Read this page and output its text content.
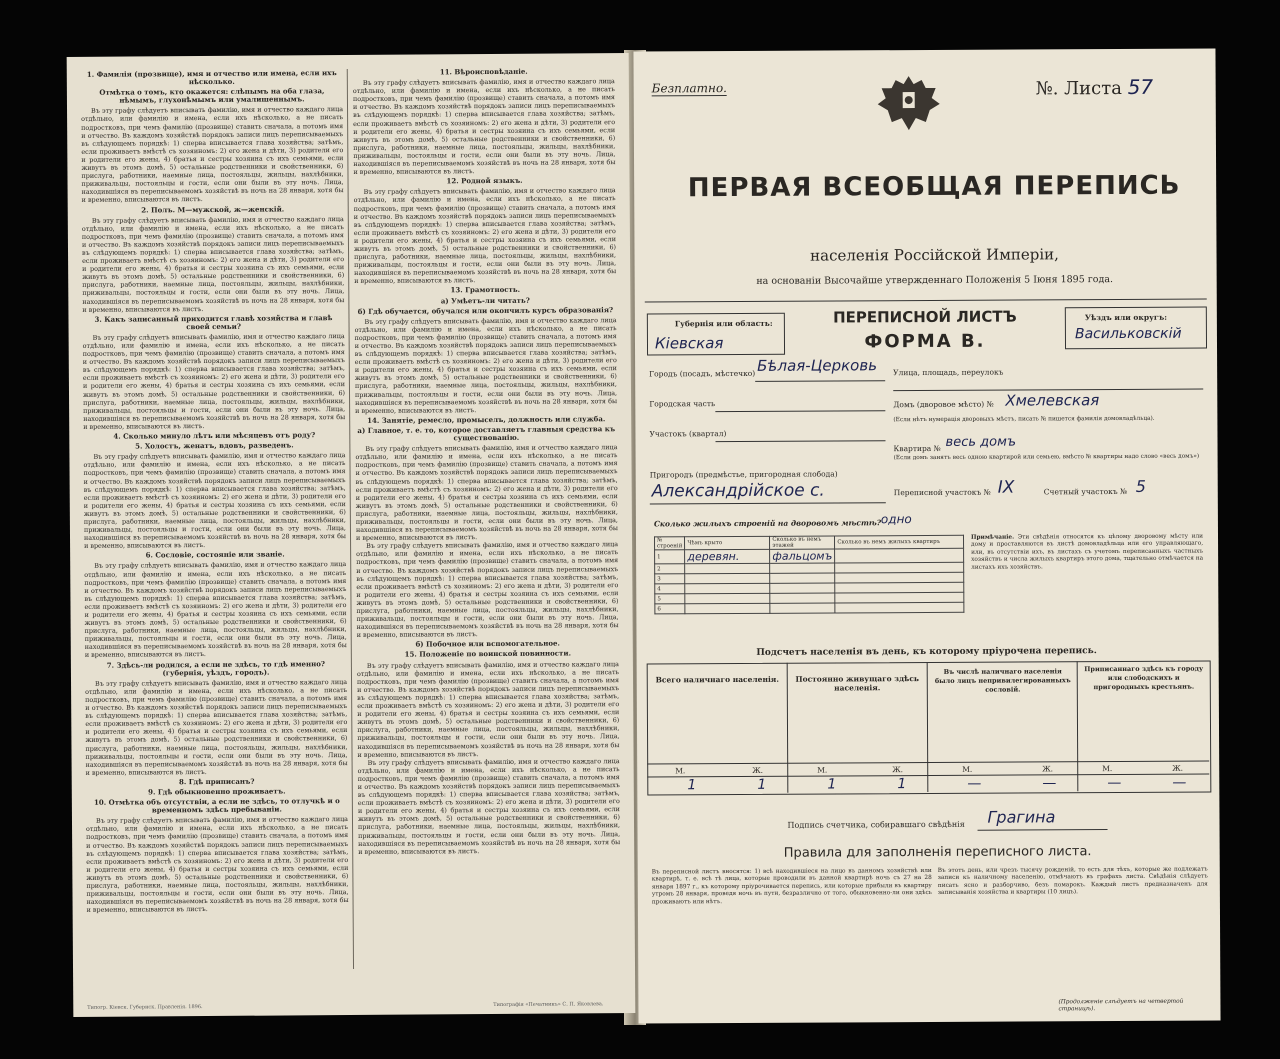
1. Фамилія (прозвище), имя и отчество или имена, если ихъ нѣсколько.
Отмѣтка о томъ, кто окажется: слѣпымъ на оба глаза, нѣмымъ, глухонѣмымъ или умалишеннымъ.

Въ эту графу слѣдуетъ вписывать фамилію, имя и отчество каждаго лица отдѣльно, или фамилію и имена, если ихъ нѣсколько, а не писать подростковъ, при чемъ фамилію (прозвище) ставить сначала, а потомъ имя и отчество. Въ каждомъ хозяйствѣ порядокъ записи лицъ переписываемыхъ въ слѣдующемъ порядкѣ: 1) сперва вписывается глава хозяйства; затѣмъ, если проживаетъ вмѣстѣ съ хозяиномъ: 2) его жена и дѣти, 3) родители его и родители его жены, 4) братья и сестры хозяина съ ихъ семьями, если живутъ въ этомъ домѣ, 5) остальные родственники и свойственники, 6) прислуга, работники, наемные лица, постояльцы, жильцы, нахлѣбники, приживальцы, постояльцы и гости, если они были въ эту ночь. Лица, находившіяся въ переписываемомъ хозяйствѣ въ ночь на 28 января, хотя бы и временно, вписываются въ листъ.

2. Полъ. М—мужской, ж—женскій.

Въ эту графу слѣдуетъ вписывать фамилію, имя и отчество каждаго лица отдѣльно, или фамилію и имена, если ихъ нѣсколько, а не писать подростковъ, при чемъ фамилію (прозвище) ставить сначала, а потомъ имя и отчество. Въ каждомъ хозяйствѣ порядокъ записи лицъ переписываемыхъ въ слѣдующемъ порядкѣ: 1) сперва вписывается глава хозяйства; затѣмъ, если проживаетъ вмѣстѣ съ хозяиномъ: 2) его жена и дѣти, 3) родители его и родители его жены, 4) братья и сестры хозяина съ ихъ семьями, если живутъ въ этомъ домѣ, 5) остальные родственники и свойственники, 6) прислуга, работники, наемные лица, постояльцы, жильцы, нахлѣбники, приживальцы, постояльцы и гости, если они были въ эту ночь. Лица, находившіяся въ переписываемомъ хозяйствѣ въ ночь на 28 января, хотя бы и временно, вписываются въ листъ.

3. Какъ записанный приходится главѣ хозяйства и главѣ своей семьи?

Въ эту графу слѣдуетъ вписывать фамилію, имя и отчество каждаго лица отдѣльно, или фамилію и имена, если ихъ нѣсколько, а не писать подростковъ, при чемъ фамилію (прозвище) ставить сначала, а потомъ имя и отчество. Въ каждомъ хозяйствѣ порядокъ записи лицъ переписываемыхъ въ слѣдующемъ порядкѣ: 1) сперва вписывается глава хозяйства; затѣмъ, если проживаетъ вмѣстѣ съ хозяиномъ: 2) его жена и дѣти, 3) родители его и родители его жены, 4) братья и сестры хозяина съ ихъ семьями, если живутъ въ этомъ домѣ, 5) остальные родственники и свойственники, 6) прислуга, работники, наемные лица, постояльцы, жильцы, нахлѣбники, приживальцы, постояльцы и гости, если они были въ эту ночь. Лица, находившіяся въ переписываемомъ хозяйствѣ въ ночь на 28 января, хотя бы и временно, вписываются въ листъ.

4. Сколько минуло лѣтъ или мѣсяцевъ отъ роду?
5. Холостъ, женатъ, вдовъ, разведенъ.

Въ эту графу слѣдуетъ вписывать фамилію, имя и отчество каждаго лица отдѣльно, или фамилію и имена, если ихъ нѣсколько, а не писать подростковъ, при чемъ фамилію (прозвище) ставить сначала, а потомъ имя и отчество. Въ каждомъ хозяйствѣ порядокъ записи лицъ переписываемыхъ въ слѣдующемъ порядкѣ: 1) сперва вписывается глава хозяйства; затѣмъ, если проживаетъ вмѣстѣ съ хозяиномъ: 2) его жена и дѣти, 3) родители его и родители его жены, 4) братья и сестры хозяина съ ихъ семьями, если живутъ въ этомъ домѣ, 5) остальные родственники и свойственники, 6) прислуга, работники, наемные лица, постояльцы, жильцы, нахлѣбники, приживальцы, постояльцы и гости, если они были въ эту ночь. Лица, находившіяся въ переписываемомъ хозяйствѣ въ ночь на 28 января, хотя бы и временно, вписываются въ листъ.

6. Сословіе, состояніе или званіе.

Въ эту графу слѣдуетъ вписывать фамилію, имя и отчество каждаго лица отдѣльно, или фамилію и имена, если ихъ нѣсколько, а не писать подростковъ, при чемъ фамилію (прозвище) ставить сначала, а потомъ имя и отчество. Въ каждомъ хозяйствѣ порядокъ записи лицъ переписываемыхъ въ слѣдующемъ порядкѣ: 1) сперва вписывается глава хозяйства; затѣмъ, если проживаетъ вмѣстѣ съ хозяиномъ: 2) его жена и дѣти, 3) родители его и родители его жены, 4) братья и сестры хозяина съ ихъ семьями, если живутъ въ этомъ домѣ, 5) остальные родственники и свойственники, 6) прислуга, работники, наемные лица, постояльцы, жильцы, нахлѣбники, приживальцы, постояльцы и гости, если они были въ эту ночь. Лица, находившіяся въ переписываемомъ хозяйствѣ въ ночь на 28 января, хотя бы и временно, вписываются въ листъ.

7. Здѣсь-ли родился, а если не здѣсь, то гдѣ именно? (губернія, уѣздъ, городъ).

Въ эту графу слѣдуетъ вписывать фамилію, имя и отчество каждаго лица отдѣльно, или фамилію и имена, если ихъ нѣсколько, а не писать подростковъ, при чемъ фамилію (прозвище) ставить сначала, а потомъ имя и отчество. Въ каждомъ хозяйствѣ порядокъ записи лицъ переписываемыхъ въ слѣдующемъ порядкѣ: 1) сперва вписывается глава хозяйства; затѣмъ, если проживаетъ вмѣстѣ съ хозяиномъ: 2) его жена и дѣти, 3) родители его и родители его жены, 4) братья и сестры хозяина съ ихъ семьями, если живутъ въ этомъ домѣ, 5) остальные родственники и свойственники, 6) прислуга, работники, наемные лица, постояльцы, жильцы, нахлѣбники, приживальцы, постояльцы и гости, если они были въ эту ночь. Лица, находившіяся въ переписываемомъ хозяйствѣ въ ночь на 28 января, хотя бы и временно, вписываются въ листъ.

8. Гдѣ приписанъ?
9. Гдѣ обыкновенно проживаетъ.
10. Отмѣтка объ отсутствіи, а если не здѣсь, то отлучкѣ и о временномъ здѣсь пребываніи.

Въ эту графу слѣдуетъ вписывать фамилію, имя и отчество каждаго лица отдѣльно, или фамилію и имена, если ихъ нѣсколько, а не писать подростковъ, при чемъ фамилію (прозвище) ставить сначала, а потомъ имя и отчество. Въ каждомъ хозяйствѣ порядокъ записи лицъ переписываемыхъ въ слѣдующемъ порядкѣ: 1) сперва вписывается глава хозяйства; затѣмъ, если проживаетъ вмѣстѣ съ хозяиномъ: 2) его жена и дѣти, 3) родители его и родители его жены, 4) братья и сестры хозяина съ ихъ семьями, если живутъ въ этомъ домѣ, 5) остальные родственники и свойственники, 6) прислуга, работники, наемные лица, постояльцы, жильцы, нахлѣбники, приживальцы, постояльцы и гости, если они были въ эту ночь. Лица, находившіяся въ переписываемомъ хозяйствѣ въ ночь на 28 января, хотя бы и временно, вписываются въ листъ.

11. Вѣроисповѣданіе.

Въ эту графу слѣдуетъ вписывать фамилію, имя и отчество каждаго лица отдѣльно, или фамилію и имена, если ихъ нѣсколько, а не писать подростковъ, при чемъ фамилію (прозвище) ставить сначала, а потомъ имя и отчество. Въ каждомъ хозяйствѣ порядокъ записи лицъ переписываемыхъ въ слѣдующемъ порядкѣ: 1) сперва вписывается глава хозяйства; затѣмъ, если проживаетъ вмѣстѣ съ хозяиномъ: 2) его жена и дѣти, 3) родители его и родители его жены, 4) братья и сестры хозяина съ ихъ семьями, если живутъ въ этомъ домѣ, 5) остальные родственники и свойственники, 6) прислуга, работники, наемные лица, постояльцы, жильцы, нахлѣбники, приживальцы, постояльцы и гости, если они были въ эту ночь. Лица, находившіяся въ переписываемомъ хозяйствѣ въ ночь на 28 января, хотя бы и временно, вписываются въ листъ.

12. Родной языкъ.

Въ эту графу слѣдуетъ вписывать фамилію, имя и отчество каждаго лица отдѣльно, или фамилію и имена, если ихъ нѣсколько, а не писать подростковъ, при чемъ фамилію (прозвище) ставить сначала, а потомъ имя и отчество. Въ каждомъ хозяйствѣ порядокъ записи лицъ переписываемыхъ въ слѣдующемъ порядкѣ: 1) сперва вписывается глава хозяйства; затѣмъ, если проживаетъ вмѣстѣ съ хозяиномъ: 2) его жена и дѣти, 3) родители его и родители его жены, 4) братья и сестры хозяина съ ихъ семьями, если живутъ въ этомъ домѣ, 5) остальные родственники и свойственники, 6) прислуга, работники, наемные лица, постояльцы, жильцы, нахлѣбники, приживальцы, постояльцы и гости, если они были въ эту ночь. Лица, находившіяся въ переписываемомъ хозяйствѣ въ ночь на 28 января, хотя бы и временно, вписываются въ листъ.

13. Грамотность.
а) Умѣетъ-ли читать?
б) Гдѣ обучается, обучался или окончилъ курсъ образованія?

Въ эту графу слѣдуетъ вписывать фамилію, имя и отчество каждаго лица отдѣльно, или фамилію и имена, если ихъ нѣсколько, а не писать подростковъ, при чемъ фамилію (прозвище) ставить сначала, а потомъ имя и отчество. Въ каждомъ хозяйствѣ порядокъ записи лицъ переписываемыхъ въ слѣдующемъ порядкѣ: 1) сперва вписывается глава хозяйства; затѣмъ, если проживаетъ вмѣстѣ съ хозяиномъ: 2) его жена и дѣти, 3) родители его и родители его жены, 4) братья и сестры хозяина съ ихъ семьями, если живутъ въ этомъ домѣ, 5) остальные родственники и свойственники, 6) прислуга, работники, наемные лица, постояльцы, жильцы, нахлѣбники, приживальцы, постояльцы и гости, если они были въ эту ночь. Лица, находившіяся въ переписываемомъ хозяйствѣ въ ночь на 28 января, хотя бы и временно, вписываются въ листъ.

14. Занятіе, ремесло, промыселъ, должность или служба.
а) Главное, т. е. то, которое доставляетъ главныя средства къ существованію.

Въ эту графу слѣдуетъ вписывать фамилію, имя и отчество каждаго лица отдѣльно, или фамилію и имена, если ихъ нѣсколько, а не писать подростковъ, при чемъ фамилію (прозвище) ставить сначала, а потомъ имя и отчество. Въ каждомъ хозяйствѣ порядокъ записи лицъ переписываемыхъ въ слѣдующемъ порядкѣ: 1) сперва вписывается глава хозяйства; затѣмъ, если проживаетъ вмѣстѣ съ хозяиномъ: 2) его жена и дѣти, 3) родители его и родители его жены, 4) братья и сестры хозяина съ ихъ семьями, если живутъ въ этомъ домѣ, 5) остальные родственники и свойственники, 6) прислуга, работники, наемные лица, постояльцы, жильцы, нахлѣбники, приживальцы, постояльцы и гости, если они были въ эту ночь. Лица, находившіяся въ переписываемомъ хозяйствѣ въ ночь на 28 января, хотя бы и временно, вписываются въ листъ.

Въ эту графу слѣдуетъ вписывать фамилію, имя и отчество каждаго лица отдѣльно, или фамилію и имена, если ихъ нѣсколько, а не писать подростковъ, при чемъ фамилію (прозвище) ставить сначала, а потомъ имя и отчество. Въ каждомъ хозяйствѣ порядокъ записи лицъ переписываемыхъ въ слѣдующемъ порядкѣ: 1) сперва вписывается глава хозяйства; затѣмъ, если проживаетъ вмѣстѣ съ хозяиномъ: 2) его жена и дѣти, 3) родители его и родители его жены, 4) братья и сестры хозяина съ ихъ семьями, если живутъ въ этомъ домѣ, 5) остальные родственники и свойственники, 6) прислуга, работники, наемные лица, постояльцы, жильцы, нахлѣбники, приживальцы, постояльцы и гости, если они были въ эту ночь. Лица, находившіяся въ переписываемомъ хозяйствѣ въ ночь на 28 января, хотя бы и временно, вписываются въ листъ.

б) Побочное или вспомогательное.
15. Положеніе по воинской повинности.

Въ эту графу слѣдуетъ вписывать фамилію, имя и отчество каждаго лица отдѣльно, или фамилію и имена, если ихъ нѣсколько, а не писать подростковъ, при чемъ фамилію (прозвище) ставить сначала, а потомъ имя и отчество. Въ каждомъ хозяйствѣ порядокъ записи лицъ переписываемыхъ въ слѣдующемъ порядкѣ: 1) сперва вписывается глава хозяйства; затѣмъ, если проживаетъ вмѣстѣ съ хозяиномъ: 2) его жена и дѣти, 3) родители его и родители его жены, 4) братья и сестры хозяина съ ихъ семьями, если живутъ въ этомъ домѣ, 5) остальные родственники и свойственники, 6) прислуга, работники, наемные лица, постояльцы, жильцы, нахлѣбники, приживальцы, постояльцы и гости, если они были въ эту ночь. Лица, находившіяся въ переписываемомъ хозяйствѣ въ ночь на 28 января, хотя бы и временно, вписываются въ листъ.

Въ эту графу слѣдуетъ вписывать фамилію, имя и отчество каждаго лица отдѣльно, или фамилію и имена, если ихъ нѣсколько, а не писать подростковъ, при чемъ фамилію (прозвище) ставить сначала, а потомъ имя и отчество. Въ каждомъ хозяйствѣ порядокъ записи лицъ переписываемыхъ въ слѣдующемъ порядкѣ: 1) сперва вписывается глава хозяйства; затѣмъ, если проживаетъ вмѣстѣ съ хозяиномъ: 2) его жена и дѣти, 3) родители его и родители его жены, 4) братья и сестры хозяина съ ихъ семьями, если живутъ въ этомъ домѣ, 5) остальные родственники и свойственники, 6) прислуга, работники, наемные лица, постояльцы, жильцы, нахлѣбники, приживальцы, постояльцы и гости, если они были въ эту ночь. Лица, находившіяся въ переписываемомъ хозяйствѣ въ ночь на 28 января, хотя бы и временно, вписываются въ листъ.

Типогр. Кіевск. Губернск. Правленія. 1896.	Типографія «Печатникъ» С. П. Яковлева.
Безплатно.	№. Листа 57
ПЕРВАЯ ВСЕОБЩАЯ ПЕРЕПИСЬ
населенія Россійской Имперіи,
на основаніи Высочайше утвержденнаго Положенія 5 Іюня 1895 года.
Губернія или область:
Кіевская
ПЕРЕПИСНОЙ ЛИСТЪ
ФОРМА В.
Уѣздъ или округъ:
Васильковскій
Городъ (посадъ, мѣстечко) Бѣлая-Церковь Улица, площадь, переулокъ
Городская часть	Домъ (дворовое мѣсто) № Хмелевская
(Если нѣтъ нумерація дворовыхъ мѣстъ, писать № пишется фамилія домовладѣльца).
Участокъ (квартал)
Квартира № весь домъ
(Если домъ занятъ весь одною квартирой или семьею, вмѣсто № квартиры надо слово «весь домъ»)
Пригородъ (предмѣстье, пригородная слобода)
Александрійское с.	Переписной участокъ № IX	Счетный участокъ № 5
Сколько жилыхъ строеній на дворовомъ мѣстѣ? одно
№ строеній	Чѣмъ крыто	Сколько въ немъ этажей	Сколько въ немъ жилыхъ квартиръ
1	деревян.	фальцомъ	
2			
3			
4			
5			
6			
Примѣчаніе. Эти свѣдѣнія относятся къ цѣлому дворовому мѣсту или дому и проставляются въ листѣ домовладѣльца или его управляющаго, или, въ отсутствіи ихъ, въ листахъ съ учетомъ переписанныхъ частныхъ хозяйствъ и числа жилыхъ квартиръ этого дома, тщательно отмѣчается на листахъ ихъ хозяйствъ.
Подсчетъ населенія въ день, къ которому пріурочена перепись.
Всего наличнаго населенія. Постоянно живущаго здѣсь населенія.
Въ числѣ наличнаго населенія было лицъ непривилегированныхъ сословій.
Приписаннаго здѣсь къ городу или слободскихъ и пригородныхъ крестьянъ.
М.	Ж.	М.	Ж.	М.	Ж.	М.	Ж.
1	1	1	1	—	—	—	—
Подпись счетчика, собиравшаго свѣдѣнія Грагина
Правила для заполненія переписного листа.
Въ переписной листъ вносятся: 1) всѣ находившіеся на лицо въ данномъ хозяйствѣ или квартирѣ, т. е. всѣ тѣ лица, которые проводили въ данной квартирѣ ночь съ 27 на 28 января 1897 г., къ которому пріурочивается перепись, или которые прибыли въ квартиру утромъ 28 января, проведя ночь въ пути, безразлично от того, обыкновенно-ли они здѣсь проживаютъ или нѣтъ.
Въ этотъ день, или чрезъ тысячу рожденій, то есть для тѣхъ, которые же подлежатъ записи къ наличному населенію, отмѣчаютъ въ графахъ листа. Свѣдѣнія слѣдуетъ писать ясно и разборчиво, безъ помарокъ. Каждый листъ предназначенъ для записыванія хозяйства и квартиры (10 лицъ).
(Продолженіе слѣдуетъ на четвертой страницѣ).
